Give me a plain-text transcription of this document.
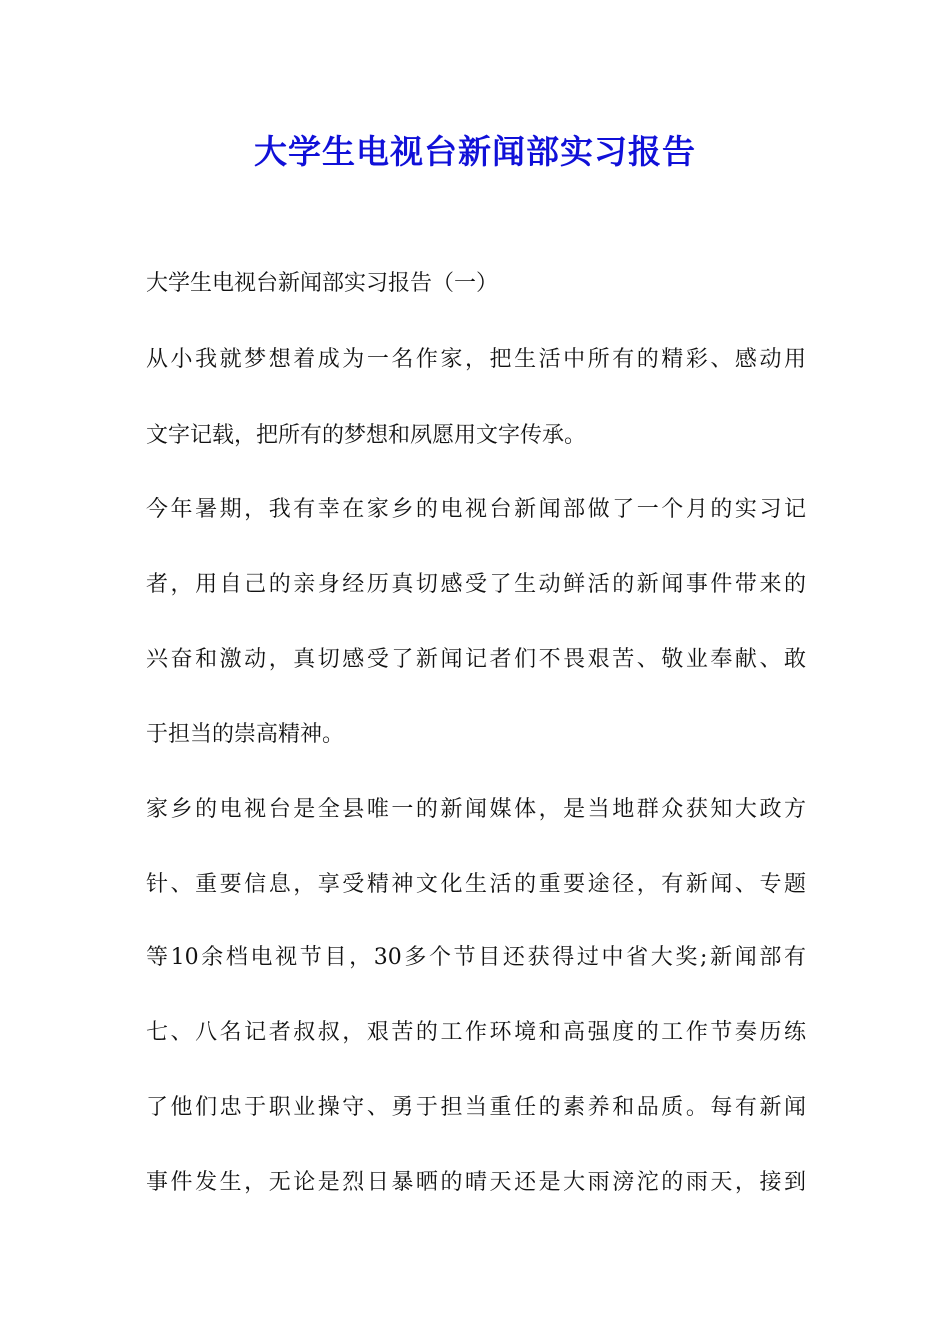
大学生电视台新闻部实习报告

大学生电视台新闻部实习报告（一）

从小我就梦想着成为一名作家，把生活中所有的精彩、感动用

文字记载，把所有的梦想和夙愿用文字传承。

今年暑期，我有幸在家乡的电视台新闻部做了一个月的实习记

者，用自己的亲身经历真切感受了生动鲜活的新闻事件带来的

兴奋和激动，真切感受了新闻记者们不畏艰苦、敬业奉献、敢

于担当的崇高精神。

家乡的电视台是全县唯一的新闻媒体，是当地群众获知大政方

针、重要信息，享受精神文化生活的重要途径，有新闻、专题

等10余档电视节目，30多个节目还获得过中省大奖;新闻部有

七、八名记者叔叔，艰苦的工作环境和高强度的工作节奏历练

了他们忠于职业操守、勇于担当重任的素养和品质。每有新闻

事件发生，无论是烈日暴晒的晴天还是大雨滂沱的雨天，接到
